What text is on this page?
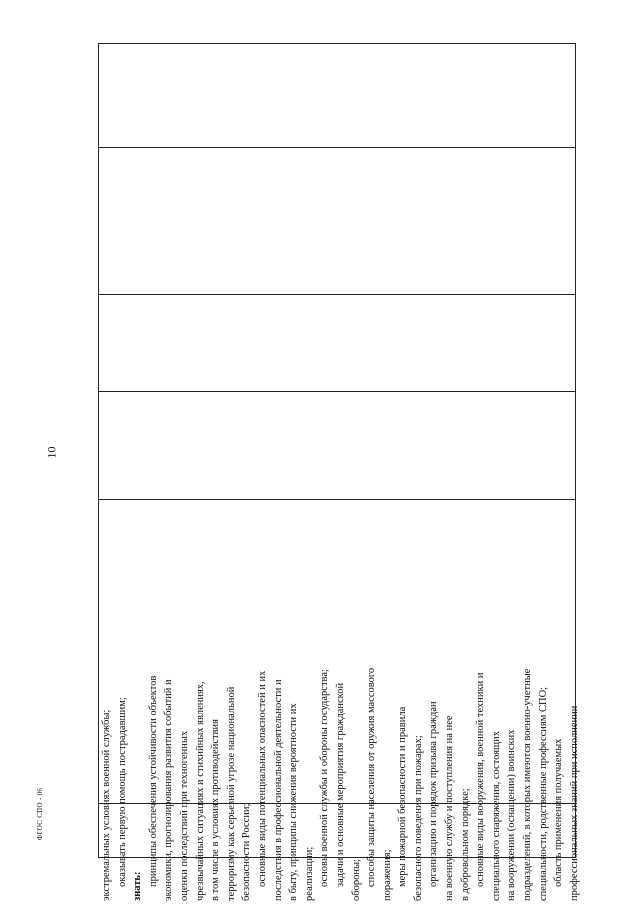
10
ФГОС СПО - 06	экстремальных условиях военной службы; оказывать первую помощь пострадавшим; знать: принципы обеспечения устойчивости объектов экономики, прогнозирования развития событий и оценки последствий при техногенных чрезвычайных ситуациях и стихийных явлениях, в том числе в условиях противодействия терроризму как серьезной угрозе национальной безопасности России; основные виды потенциальных опасностей и их последствия в профессиональной деятельности и в быту, принципы снижения вероятности их реализации; основы военной службы и обороны государства; задачи и основные мероприятия гражданской обороны; способы защиты населения от оружия массового поражения; меры пожарной безопасности и правила безопасного поведения при пожарах; организацию и порядок призыва граждан на военную службу и поступления на нее в добровольном порядке; основные виды вооружения, военной техники и специального снаряжения, состоящих на вооружении (оснащении) воинских подразделений, в которых имеются военно-учетные специальности, родственные профессиям СПО; область применения получаемых профессиональных знаний при исполнении
